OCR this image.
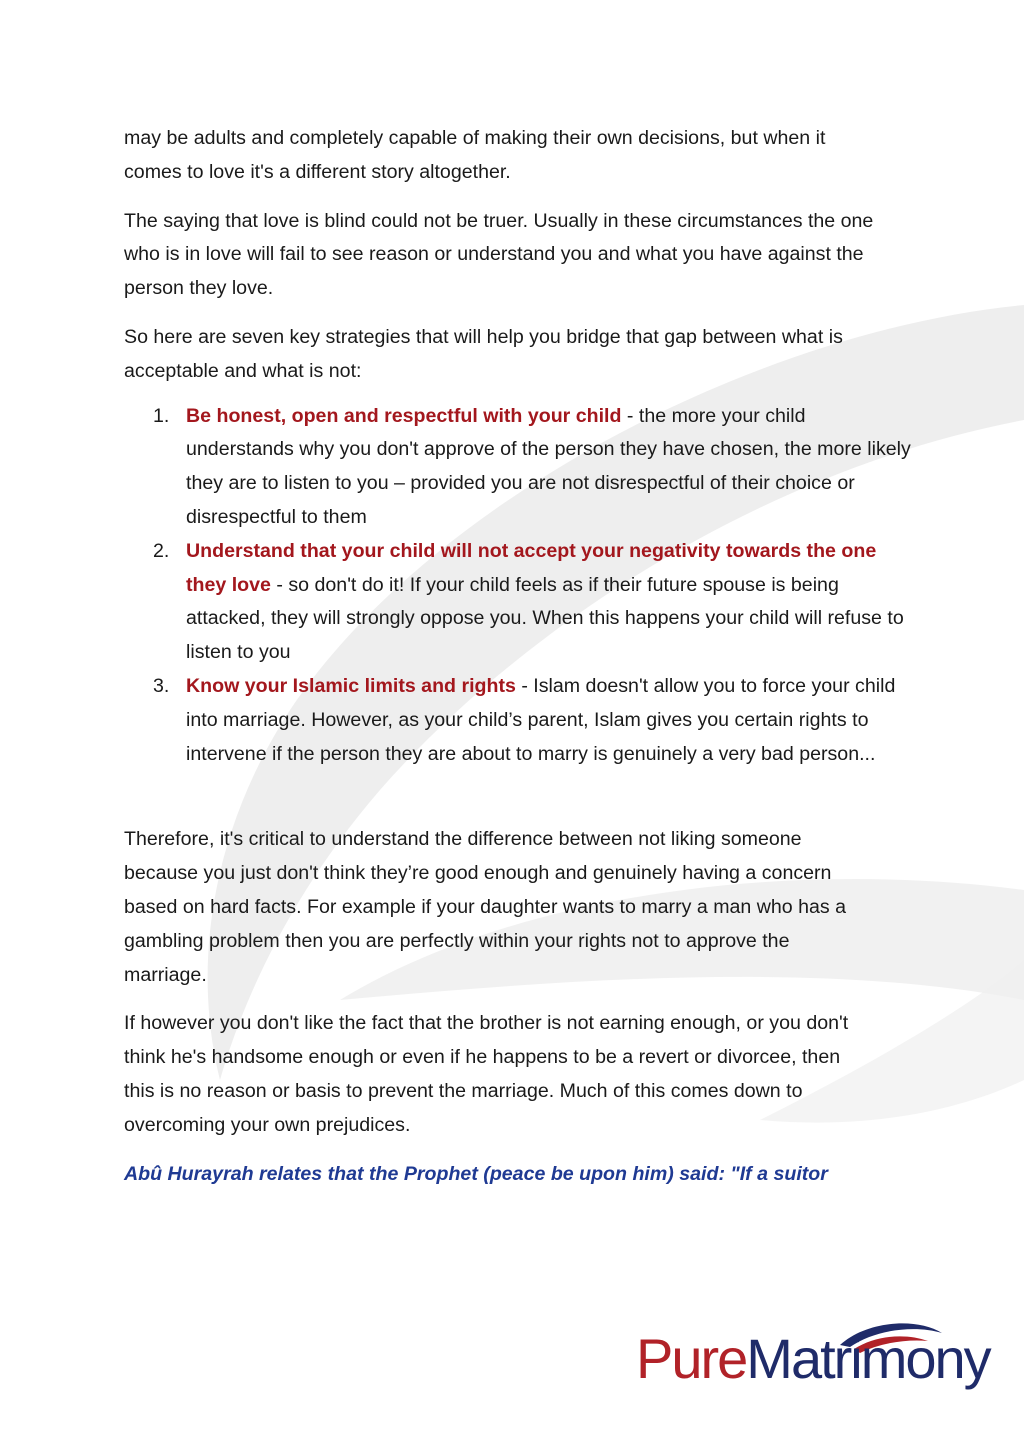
may be adults and completely capable of making their own decisions, but when it comes to love it's a different story altogether.

The saying that love is blind could not be truer. Usually in these circumstances the one who is in love will fail to see reason or understand you and what you have against the person they love.

So here are seven key strategies that will help you bridge that gap between what is acceptable and what is not:

Be honest, open and respectful with your child - the more your child understands why you don't approve of the person they have chosen, the more likely they are to listen to you – provided you are not disrespectful of their choice or disrespectful to them
Understand that your child will not accept your negativity towards the one they love - so don't do it! If your child feels as if their future spouse is being attacked, they will strongly oppose you. When this happens your child will refuse to listen to you
Know your Islamic limits and rights - Islam doesn't allow you to force your child into marriage. However, as your child’s parent, Islam gives you certain rights to intervene if the person they are about to marry is genuinely a very bad person...

Therefore, it's critical to understand the difference between not liking someone because you just don't think they’re good enough and genuinely having a concern based on hard facts. For example if your daughter wants to marry a man who has a gambling problem then you are perfectly within your rights not to approve the marriage.

If however you don't like the fact that the brother is not earning enough, or you don't think he's handsome enough or even if he happens to be a revert or divorcee, then this is no reason or basis to prevent the marriage. Much of this comes down to overcoming your own prejudices.

Abû Hurayrah relates that the Prophet (peace be upon him) said: "If a suitor

PureMatrimony
